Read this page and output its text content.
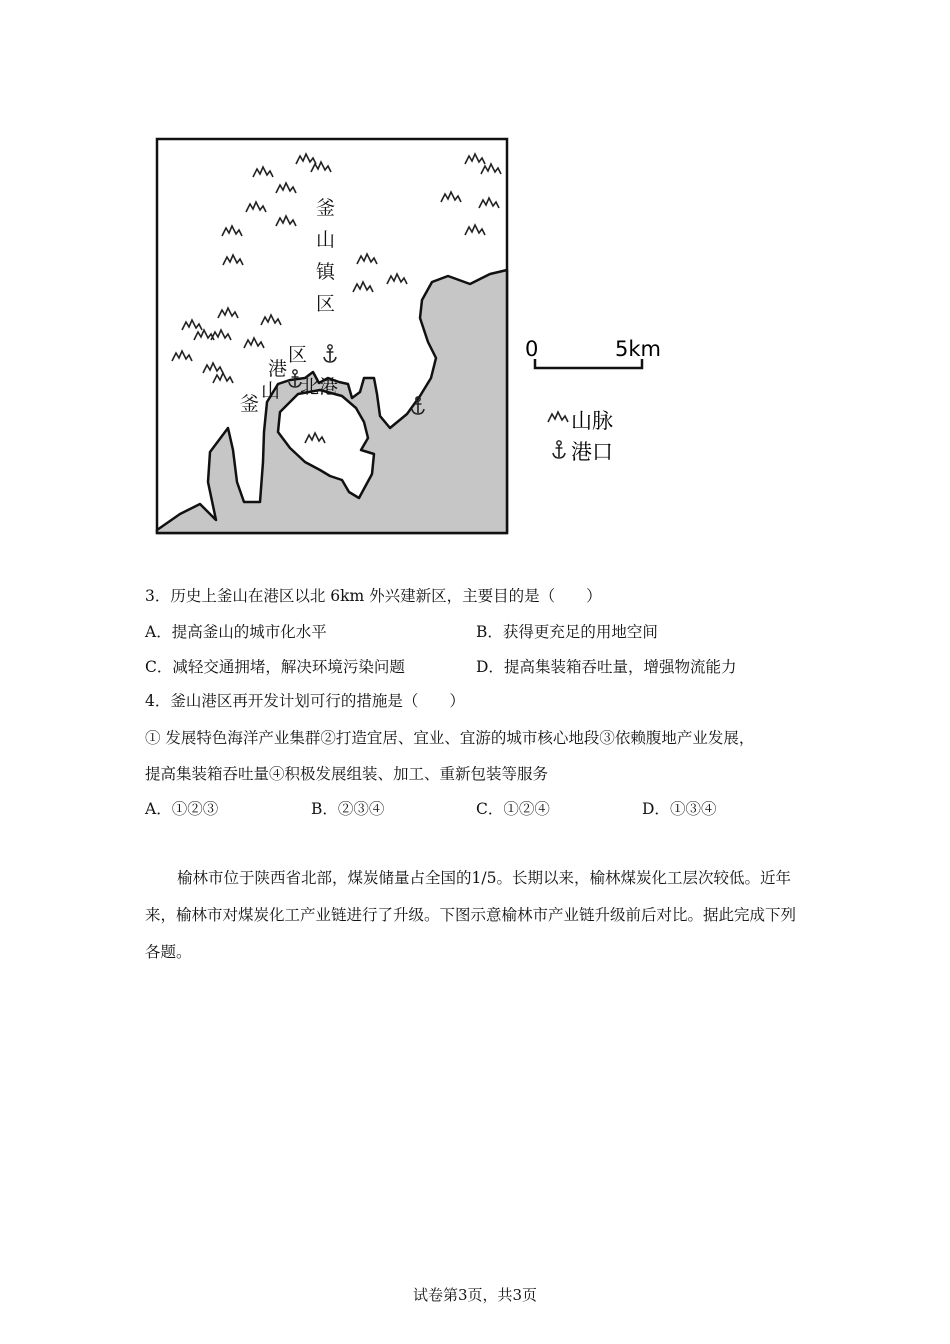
釜
山
镇
区
釜
山
港
区
北港
0	5km
山脉
港口
3．历史上釜山在港区以北 6km 外兴建新区，主要目的是（　　）
A．提高釜山的城市化水平	B．获得更充足的用地空间
C．减轻交通拥堵，解决环境污染问题	D．提高集装箱吞吐量，增强物流能力
4．釜山港区再开发计划可行的措施是（　　）
① 发展特色海洋产业集群②打造宜居、宜业、宜游的城市核心地段③依赖腹地产业发展，
提高集装箱吞吐量④积极发展组装、加工、重新包装等服务
A．①②③	B．②③④	C．①②④	D．①③④
榆林市位于陕西省北部，煤炭储量占全国的1/5。长期以来，榆林煤炭化工层次较低。近年来，榆林市对煤炭化工产业链进行了升级。下图示意榆林市产业链升级前后对比。据此完成下列各题。
试卷第3页，共3页
